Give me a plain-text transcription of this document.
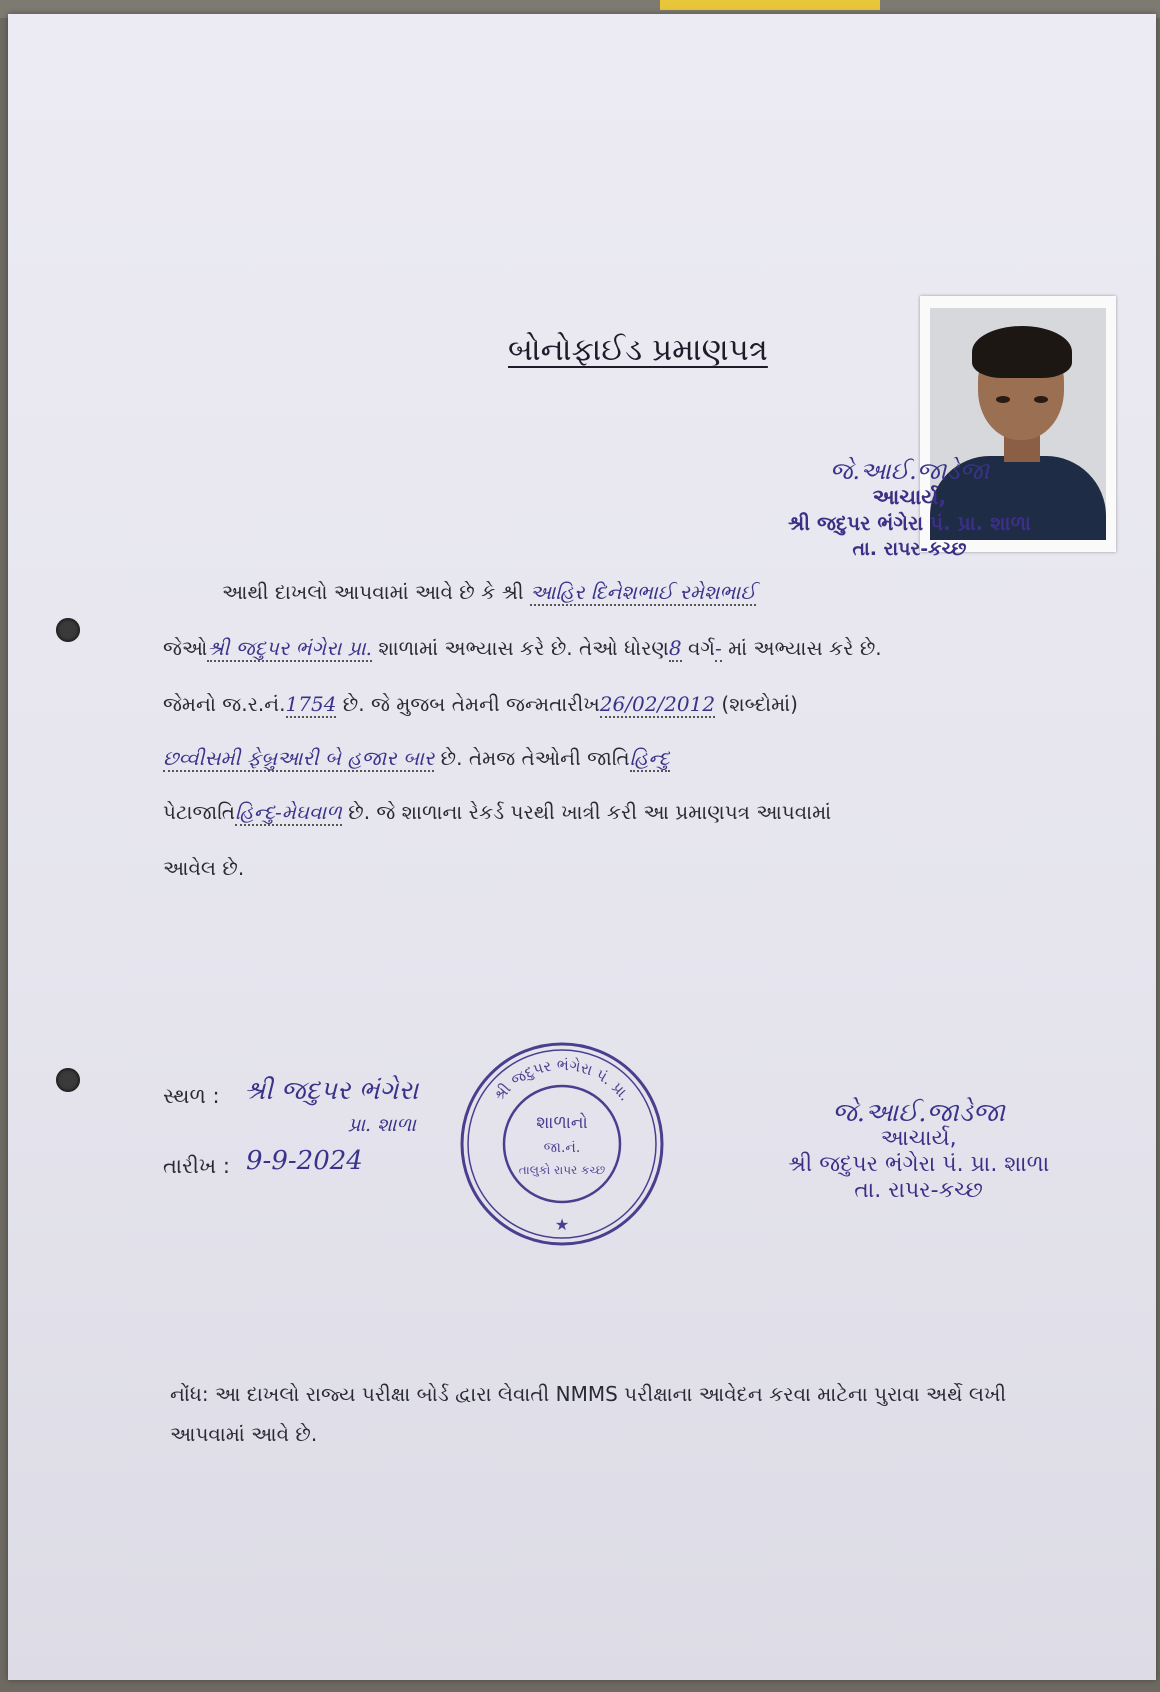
બોનોફાઈડ પ્રમાણપત્ર
જે.આઈ.જાડેજા
આચાર્ય,
શ્રી જદુપર ભંગેરા પં. પ્રા. શાળા
તા. રાપર-કચ્છ
આથી દાખલો આપવામાં આવે છે કે શ્રી આહિર દિનેશભાઈ રમેશભાઈ
જેઓશ્રી જદુપર ભંગેરા પ્રા. શાળામાં અભ્યાસ કરે છે. તેઓ ધોરણ8 વર્ગ- માં અભ્યાસ કરે છે.
જેમનો જ.ર.નં.1754 છે. જે મુજબ તેમની જન્મતારીખ26/02/2012 (શબ્દોમાં)
છવ્વીસમી ફેબ્રુઆરી બે હજાર બાર છે. તેમજ તેઓની જાતિહિન્દુ
પેટાજાતિહિન્દુ-મેઘવાળ છે. જે શાળાના રેકર્ડ પરથી ખાત્રી કરી આ પ્રમાણપત્ર આપવામાં
આવેલ છે.
સ્થળ : શ્રી જદુપર ભંગેરા
પ્રા. શાળા
તારીખ : 9-9-2024
શ્રી જદુપર ભંગેરા પં. પ્રા.
શાળાનો
જા.નં.
તાલુકો રાપર કચ્છ
★
જે.આઈ.જાડેજા
આચાર્ય,
શ્રી જદુપર ભંગેરા પં. પ્રા. શાળા
તા. રાપર-કચ્છ
નોંધ: આ દાખલો રાજ્ય પરીક્ષા બોર્ડ દ્વારા લેવાતી NMMS પરીક્ષાના આવેદન કરવા માટેના પુરાવા અર્થે લખી
આપવામાં આવે છે.
